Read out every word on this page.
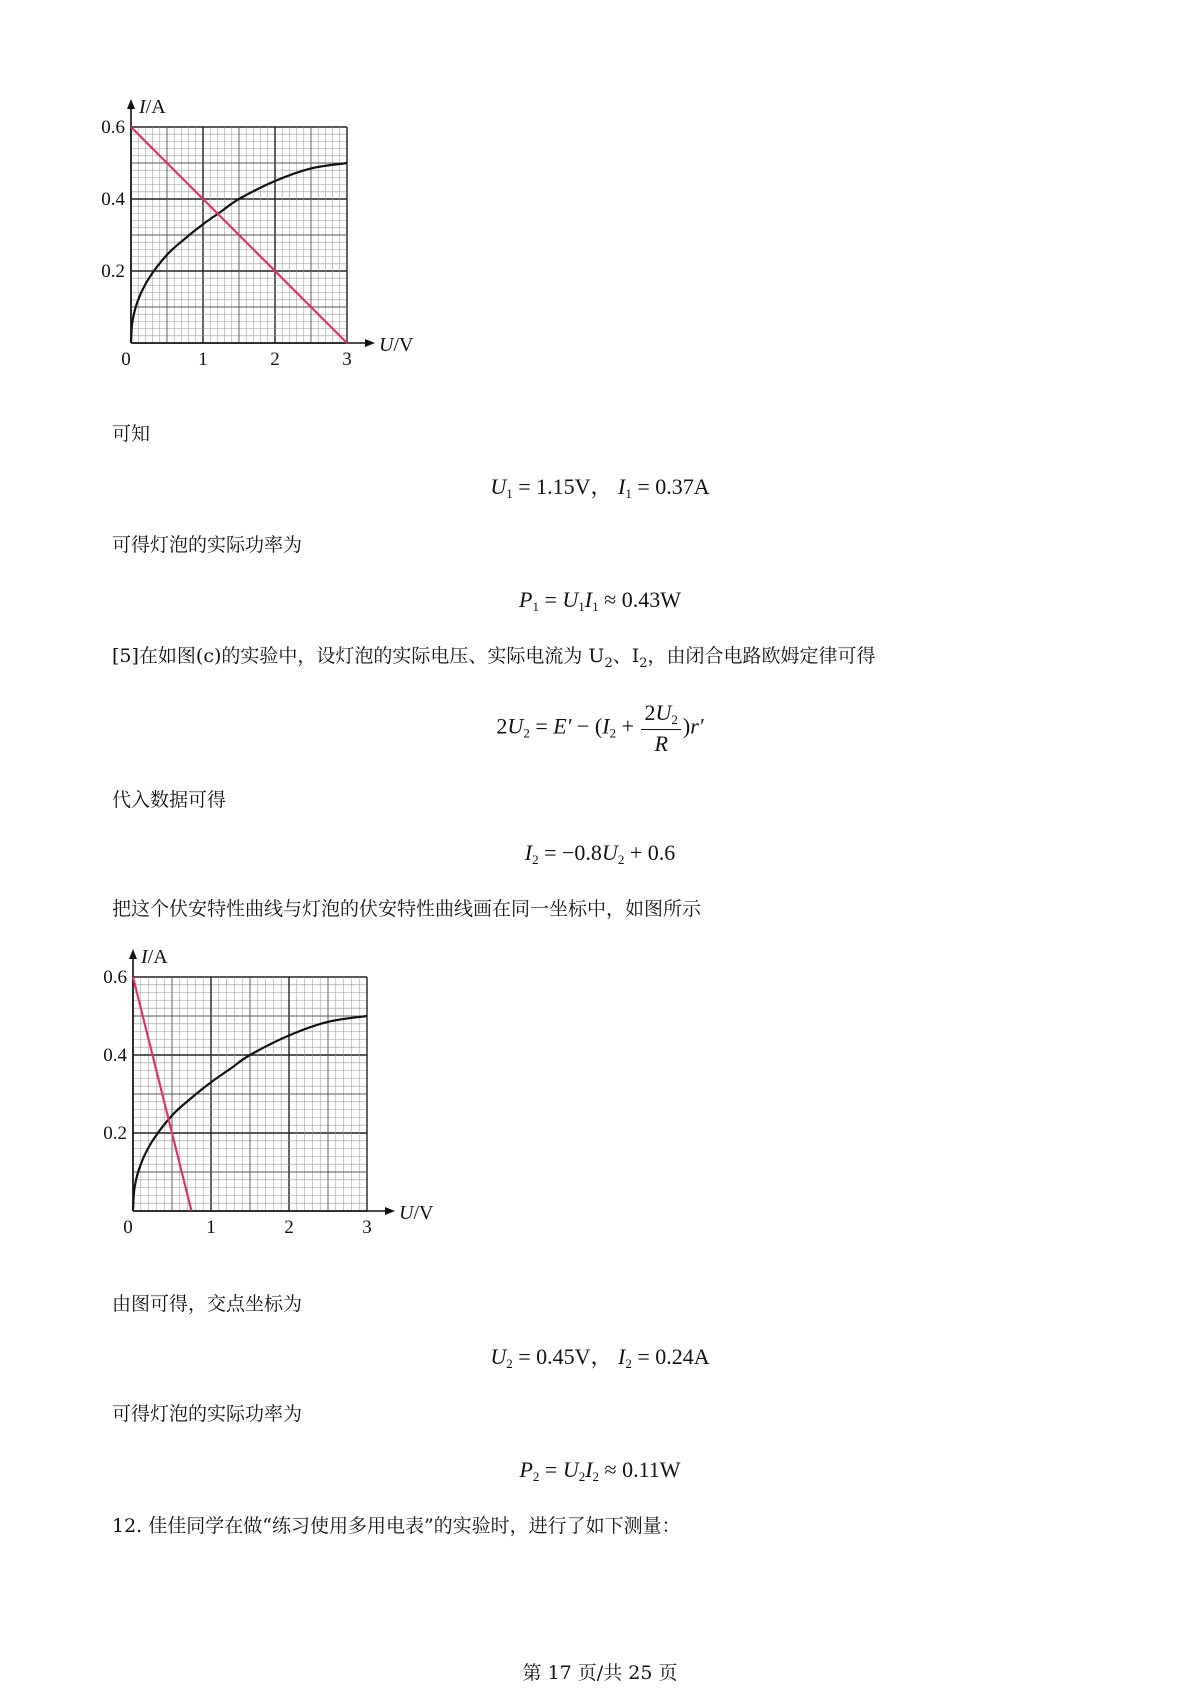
0	1	2	3
0.2
0.4
0.6
I/A
U/V
可知
$U_1 = 1.15V$， $I_1 = 0.37A$
可得灯泡的实际功率为
$P_1 = U_1I_1 \approx 0.43W$
[5]在如图(c)的实验中，设灯泡的实际电压、实际电流为 $U_2$、$I_2$，由闭合电路欧姆定律可得
$2U_2 = E' - (I_2 + \frac{2U_2}{R} )r'$
代入数据可得
$I_2 = -0.8U_2 + 0.6$
把这个伏安特性曲线与灯泡的伏安特性曲线画在同一坐标中，如图所示
0	1	2	3
0.2
0.4
0.6
I/A
U/V
由图可得，交点坐标为
$U_2 = 0.45V$， $I_2 = 0.24A$
可得灯泡的实际功率为
$P_2 = U_2I_2 \approx 0.11W$
12. 佳佳同学在做“练习使用多用电表”的实验时，进行了如下测量：
第 17 页/共 25 页
